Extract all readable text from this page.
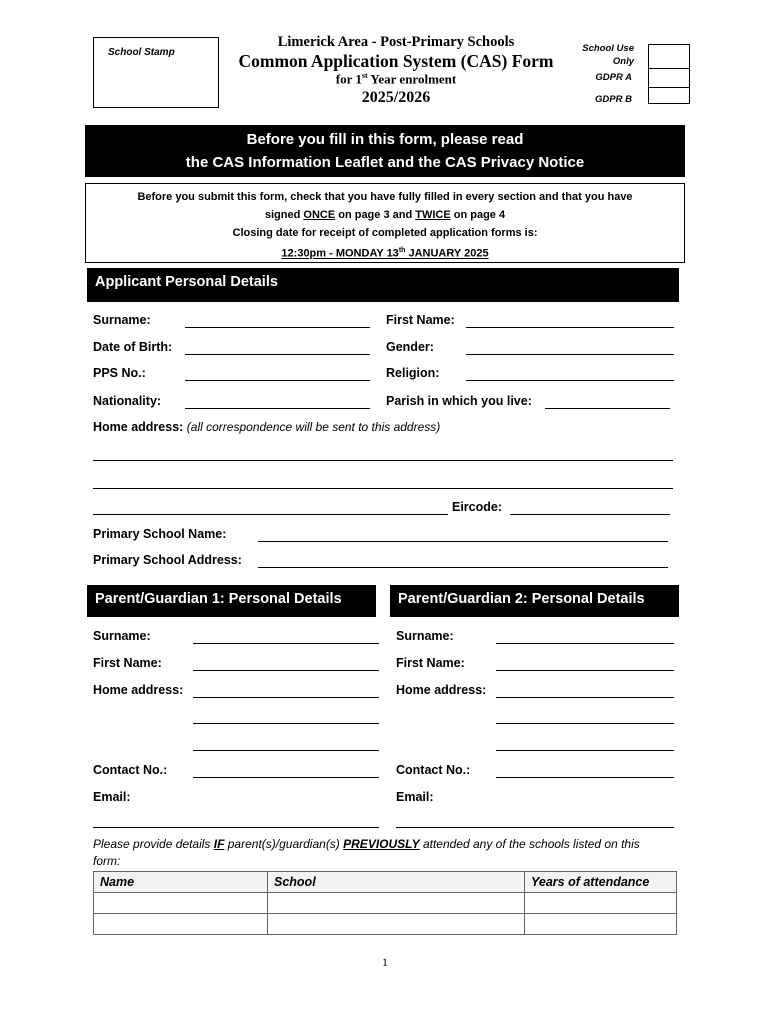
School Stamp
Limerick Area - Post-Primary Schools
Common Application System (CAS) Form
for 1st Year enrolment
2025/2026
School Use
Only
GDPR A
GDPR B
Before you fill in this form, please read
the CAS Information Leaflet and the CAS Privacy Notice
Before you submit this form, check that you have fully filled in every section and that you have
signed ONCE on page 3 and TWICE on page 4
Closing date for receipt of completed application forms is:
12:30pm - MONDAY 13th JANUARY 2025
Applicant Personal Details
Surname:	First Name:
Date of Birth:	Gender:
PPS No.:	Religion:
Nationality:	Parish in which you live:
Home address: (all correspondence will be sent to this address)
Eircode:
Primary School Name:
Primary School Address:
Parent/Guardian 1: Personal Details	Parent/Guardian 2: Personal Details
Surname:
First Name:
Home address:
Contact No.:
Email:
Surname:
First Name:
Home address:
Contact No.:
Email:
Please provide details IF parent(s)/guardian(s) PREVIOUSLY attended any of the schools listed on this
form:
Name	School	Years of attendance

1
